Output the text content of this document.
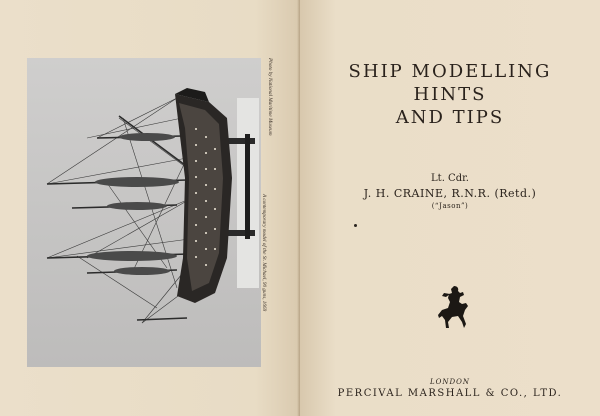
Photo by National Maritime Museum
A contemporary model of the St. Michael, 90 guns, 1669
SHIP MODELLING
HINTS
AND TIPS
Lt. Cdr.
J. H. CRAINE, R.N.R. (Retd.)
(“Jason”)
LONDON
PERCIVAL MARSHALL & CO., LTD.
